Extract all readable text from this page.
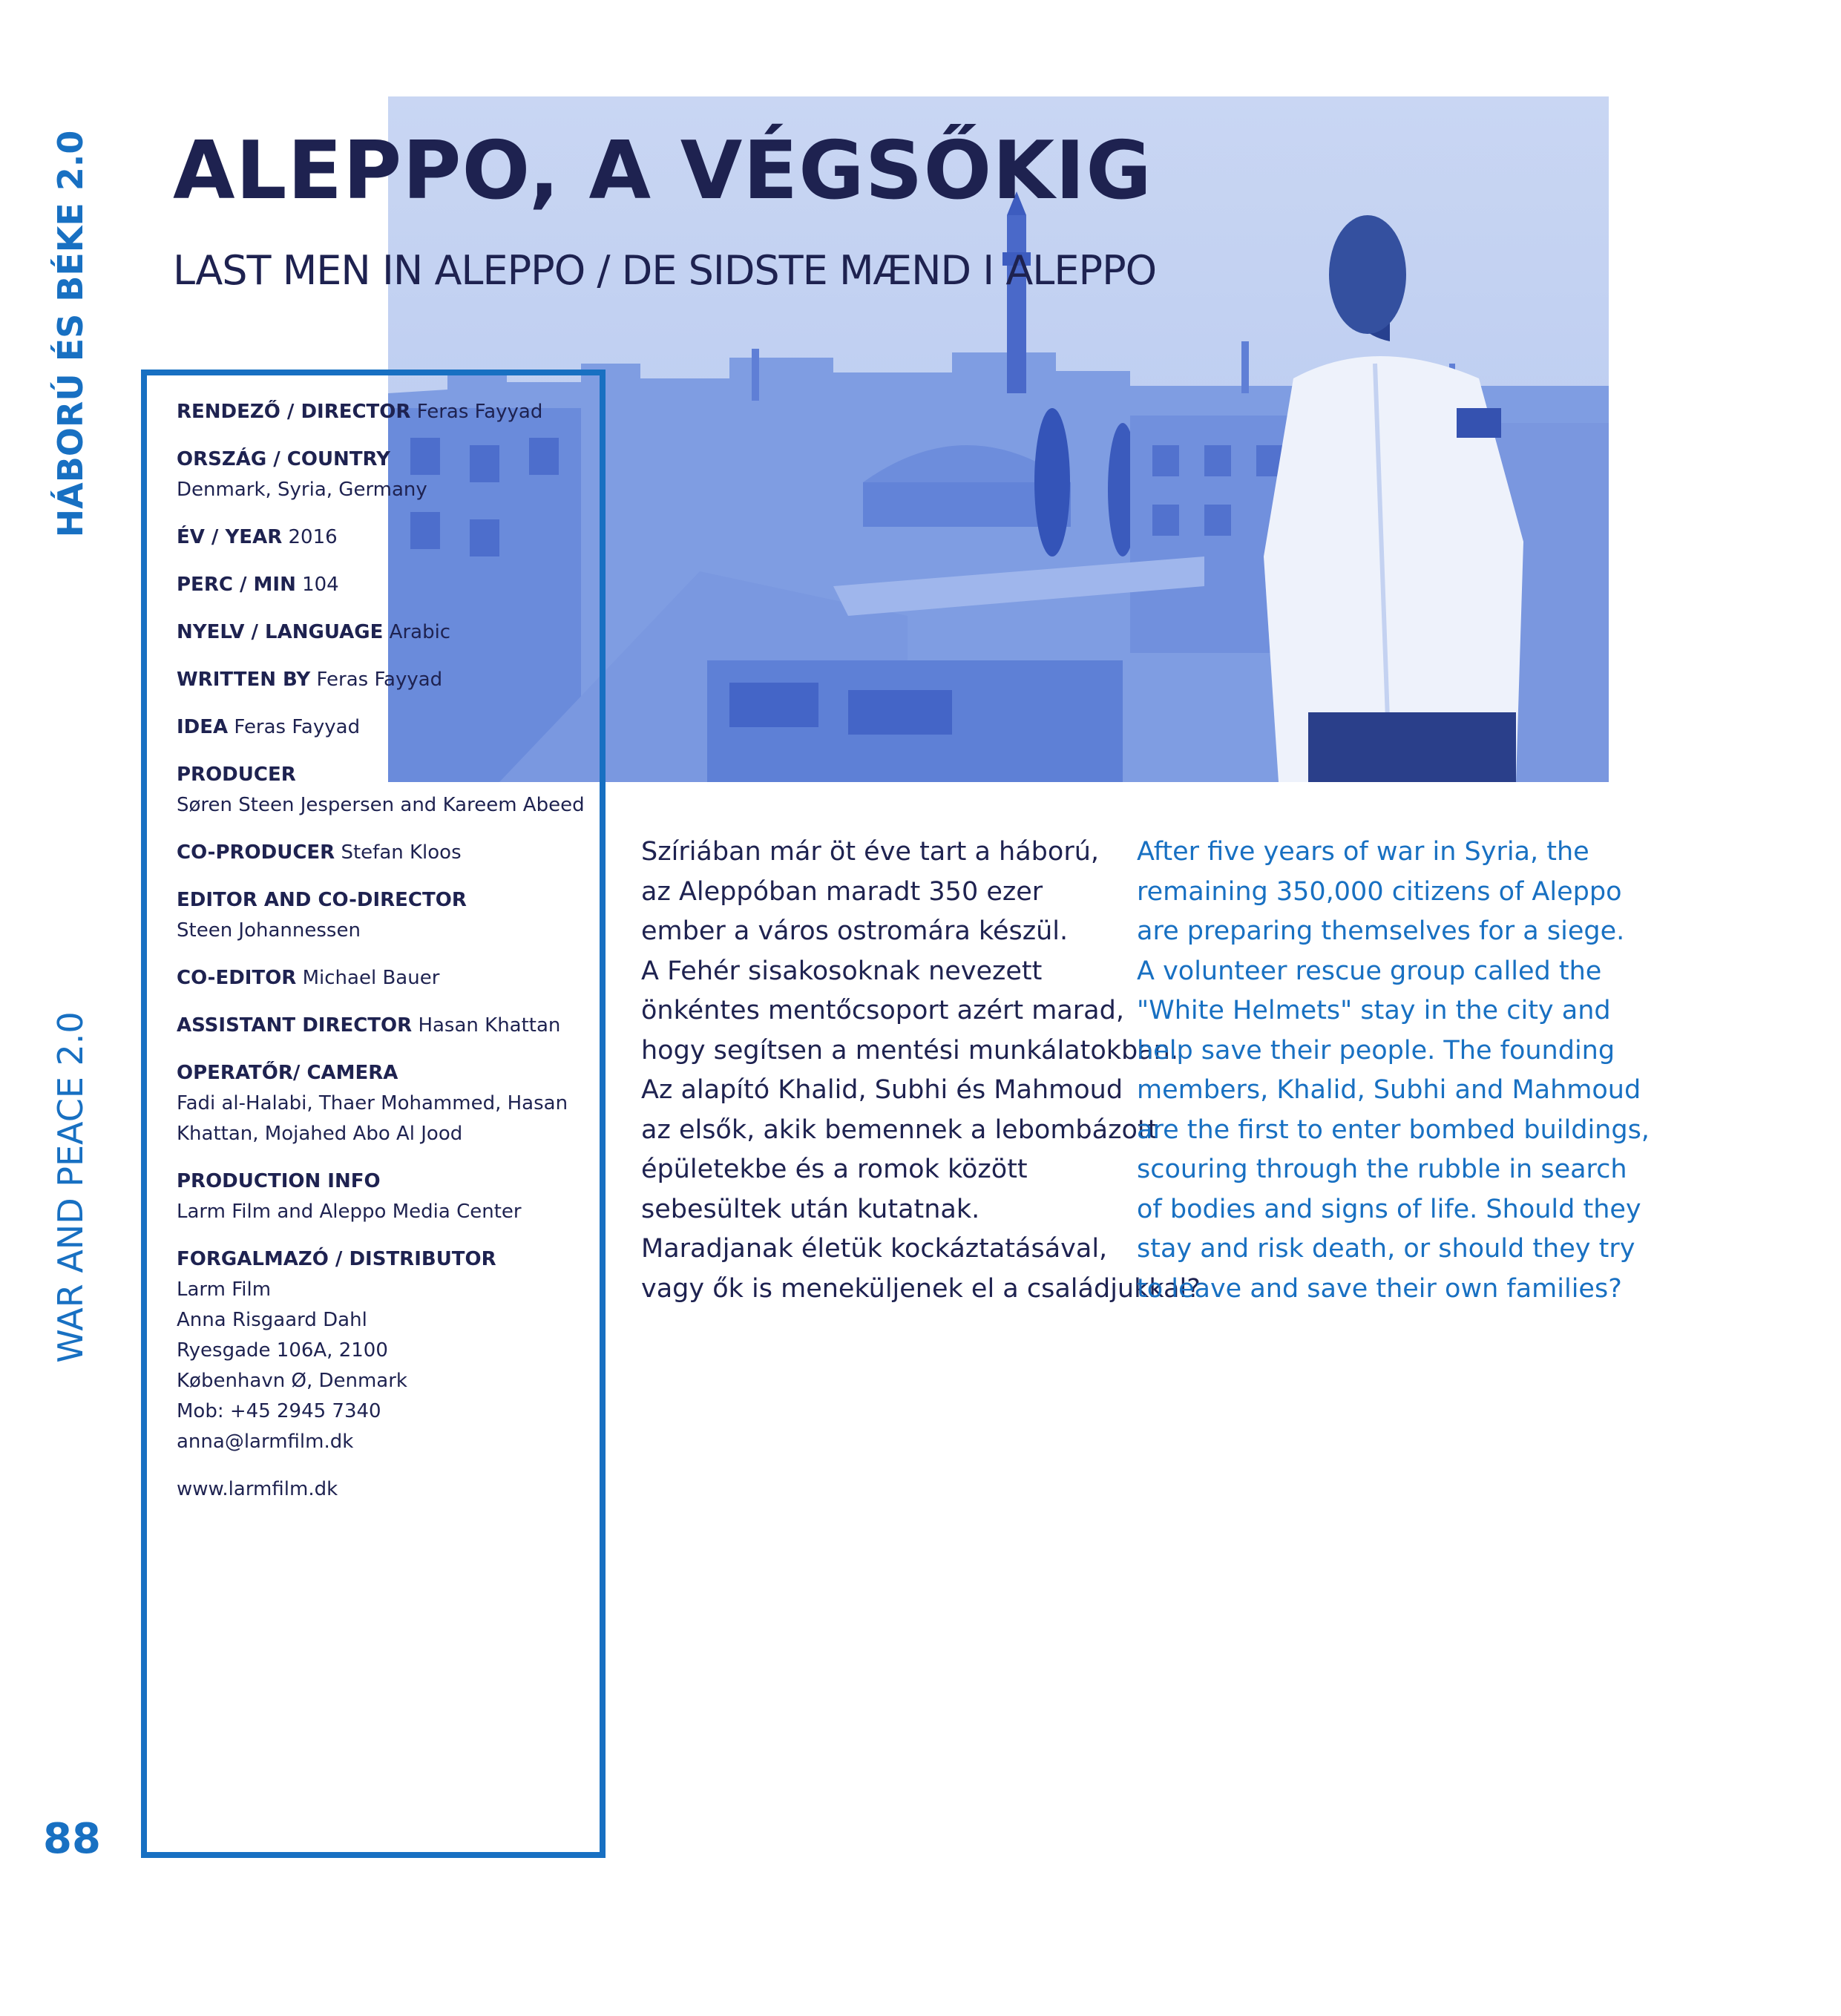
HÁBORÚ ÉS BÉKE 2.0
WAR AND PEACE 2.0
88
ALEPPO, A VÉGSŐKIG
LAST MEN IN ALEPPO / DE SIDSTE MÆND I ALEPPO
RENDEZŐ / DIRECTOR Feras Fayyad
ORSZÁG / COUNTRY
Denmark, Syria, Germany
ÉV / YEAR 2016
PERC / MIN 104
NYELV / LANGUAGE Arabic
WRITTEN BY Feras Fayyad
IDEA Feras Fayyad
PRODUCER
Søren Steen Jespersen and Kareem Abeed
CO-PRODUCER Stefan Kloos
EDITOR AND CO-DIRECTOR
Steen Johannessen
CO-EDITOR Michael Bauer
ASSISTANT DIRECTOR Hasan Khattan
OPERATŐR/ CAMERA
Fadi al-Halabi, Thaer Mohammed, Hasan
Khattan, Mojahed Abo Al Jood
PRODUCTION INFO
Larm Film and Aleppo Media Center
FORGALMAZÓ / DISTRIBUTOR
Larm Film
Anna Risgaard Dahl
Ryesgade 106A, 2100
København Ø, Denmark
Mob: +45 2945 7340
anna@larmfilm.dk
www.larmfilm.dk

Szíriában már öt éve tart a háború,

az Aleppóban maradt 350 ezer

ember a város ostromára készül.

A Fehér sisakosoknak nevezett

önkéntes mentőcsoport azért marad,

hogy segítsen a mentési munkálatokban.

Az alapító Khalid, Subhi és Mahmoud

az elsők, akik bemennek a lebombázott

épületekbe és a romok között

sebesültek után kutatnak.

Maradjanak életük kockáztatásával,

vagy ők is meneküljenek el a családjukkal?

After five years of war in Syria, the

remaining 350,000 citizens of Aleppo

are preparing themselves for a siege.

A volunteer rescue group called the

"White Helmets" stay in the city and

help save their people. The founding

members, Khalid, Subhi and Mahmoud

are the first to enter bombed buildings,

scouring through the rubble in search

of bodies and signs of life. Should they

stay and risk death, or should they try

to leave and save their own families?
